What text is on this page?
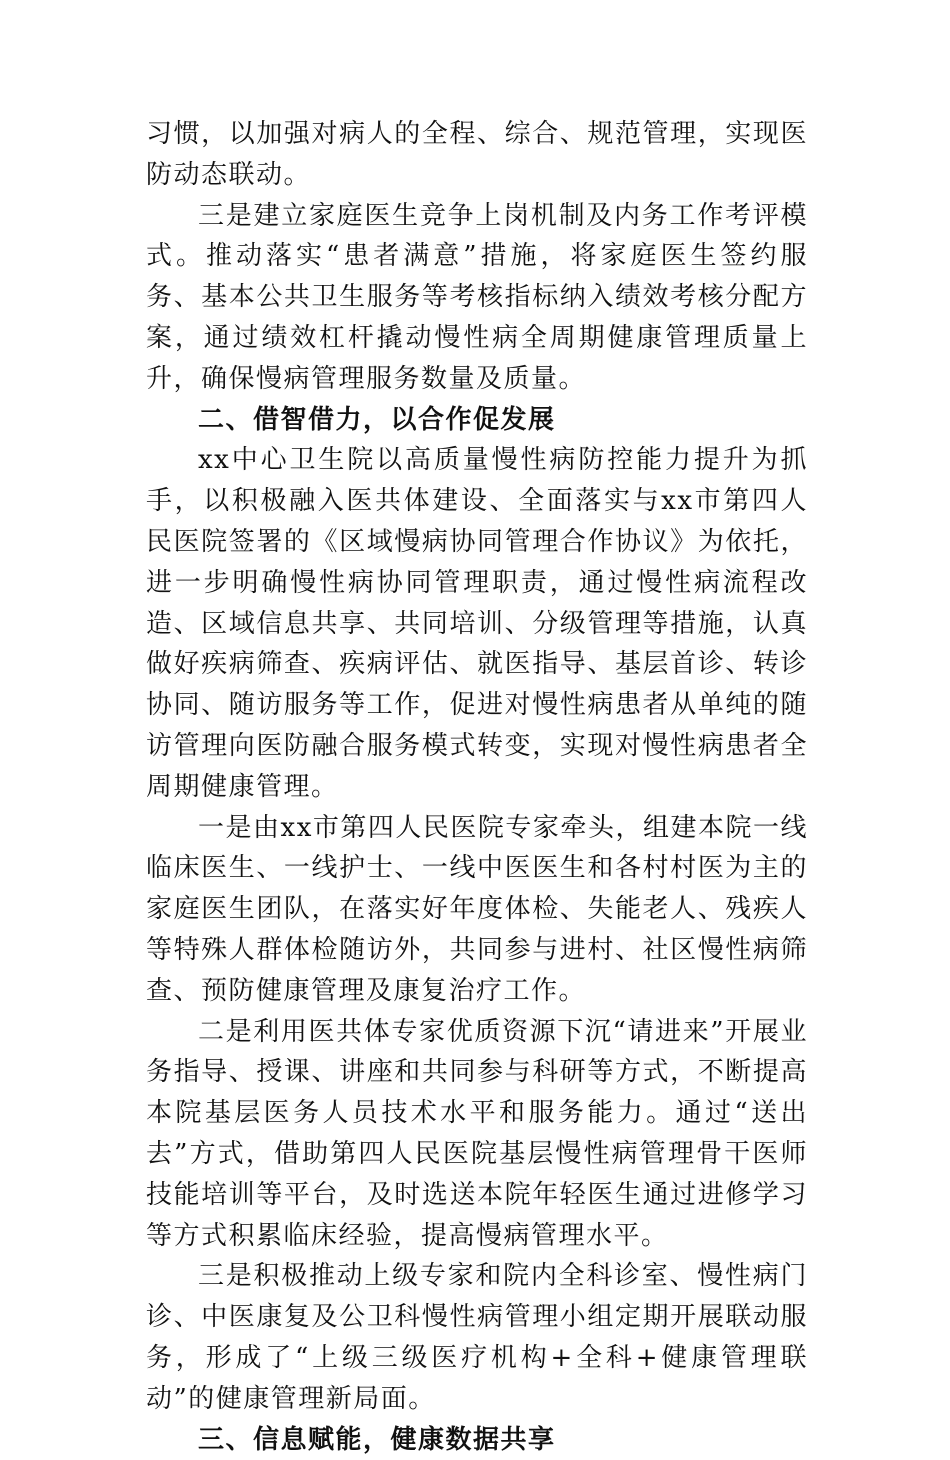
习惯，以加强对病人的全程、综合、规范管理，实现医防动态联动。

三是建立家庭医生竞争上岗机制及内务工作考评模式。推动落实“患者满意”措施，将家庭医生签约服务、基本公共卫生服务等考核指标纳入绩效考核分配方案，通过绩效杠杆撬动慢性病全周期健康管理质量上升，确保慢病管理服务数量及质量。

二、借智借力，以合作促发展

xx中心卫生院以高质量慢性病防控能力提升为抓手，以积极融入医共体建设、全面落实与xx市第四人民医院签署的《区域慢病协同管理合作协议》为依托，进一步明确慢性病协同管理职责，通过慢性病流程改造、区域信息共享、共同培训、分级管理等措施，认真做好疾病筛查、疾病评估、就医指导、基层首诊、转诊协同、随访服务等工作，促进对慢性病患者从单纯的随访管理向医防融合服务模式转变，实现对慢性病患者全周期健康管理。

一是由xx市第四人民医院专家牵头，组建本院一线临床医生、一线护士、一线中医医生和各村村医为主的家庭医生团队，在落实好年度体检、失能老人、残疾人等特殊人群体检随访外，共同参与进村、社区慢性病筛查、预防健康管理及康复治疗工作。

二是利用医共体专家优质资源下沉“请进来”开展业务指导、授课、讲座和共同参与科研等方式，不断提高本院基层医务人员技术水平和服务能力。通过“送出去”方式，借助第四人民医院基层慢性病管理骨干医师技能培训等平台，及时选送本院年轻医生通过进修学习等方式积累临床经验，提高慢病管理水平。

三是积极推动上级专家和院内全科诊室、慢性病门诊、中医康复及公卫科慢性病管理小组定期开展联动服务，形成了“上级三级医疗机构+全科+健康管理联动”的健康管理新局面。

三、信息赋能，健康数据共享
